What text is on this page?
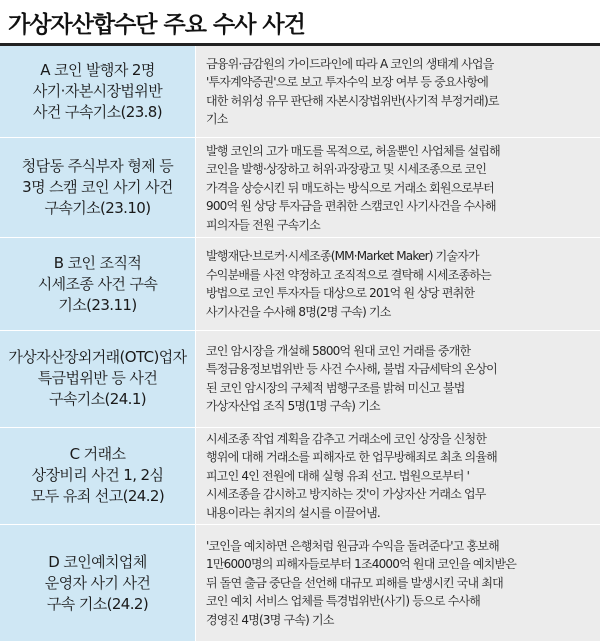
가상자산합수단 주요 수사 사건
A 코인 발행자 2명
사기·자본시장법위반
사건 구속기소(23.8)
금융위·금감원의 가이드라인에 따라 A 코인의 생태계 사업을
'투자계약증권'으로 보고 투자수익 보장 여부 등 중요사항에
대한 허위성 유무 판단해 자본시장법위반(사기적 부정거래)로
기소
청담동 주식부자 형제 등
3명 스캠 코인 사기 사건
구속기소(23.10)
발행 코인의 고가 매도를 목적으로, 허울뿐인 사업체를 설립해
코인을 발행·상장하고 허위·과장광고 및 시세조종으로 코인
가격을 상승시킨 뒤 매도하는 방식으로 거래소 회원으로부터
900억 원 상당 투자금을 편취한 스캠코인 사기사건을 수사해
피의자들 전원 구속기소
B 코인 조직적
시세조종 사건 구속
기소(23.11)
발행재단·브로커·시세조종(MM·Market Maker) 기술자가
수익분배를 사전 약정하고 조직적으로 결탁해 시세조종하는
방법으로 코인 투자자들 대상으로 201억 원 상당 편취한
사기사건을 수사해 8명(2명 구속) 기소
가상자산장외거래(OTC)업자
특금법위반 등 사건
구속기소(24.1)
코인 암시장을 개설해 5800억 원대 코인 거래를 중개한
특정금융정보법위반 등 사건 수사해, 불법 자금세탁의 온상이
된 코인 암시장의 구체적 범행구조를 밝혀 미신고 불법
가상자산업 조직 5명(1명 구속) 기소
C 거래소
상장비리 사건 1, 2심
모두 유죄 선고(24.2)
시세조종 작업 계획을 감추고 거래소에 코인 상장을 신청한
행위에 대해 거래소를 피해자로 한 업무방해죄로 최초 의율해
피고인 4인 전원에 대해 실형 유죄 선고. 법원으로부터 '
시세조종을 감시하고 방지하는 것'이 가상자산 거래소 업무
내용이라는 취지의 설시를 이끌어냄.
D 코인예치업체
운영자 사기 사건
구속 기소(24.2)
'코인을 예치하면 은행처럼 원금과 수익을 돌려준다'고 홍보해
1만6000명의 피해자들로부터 1조4000억 원대 코인을 예치받은
뒤 돌연 출금 중단을 선언해 대규모 피해를 발생시킨 국내 최대
코인 예치 서비스 업체를 특경법위반(사기) 등으로 수사해
경영진 4명(3명 구속) 기소
